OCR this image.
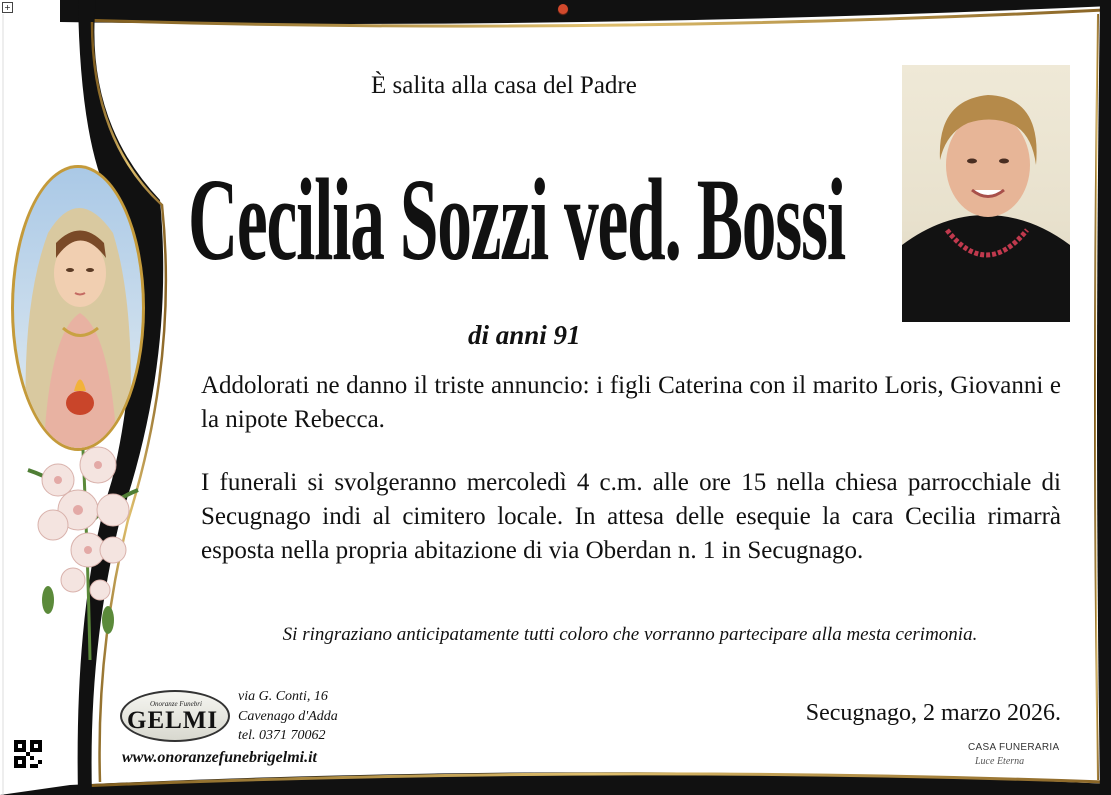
+
È salita alla casa del Padre
Cecilia Sozzi ved. Bossi
di anni 91
Addolorati ne danno il triste annuncio: i figli Caterina con il marito Loris, Giovanni e la nipote Rebecca.
I funerali si svolgeranno mercoledì 4 c.m. alle ore 15 nella chiesa parrocchiale di Secugnago indi al cimitero locale. In attesa delle esequie la cara Cecilia rimarrà esposta nella propria abitazione di via Oberdan n. 1 in Secugnago.
Si ringraziano anticipatamente tutti coloro che vorranno partecipare alla mesta cerimonia.
Secugnago, 2 marzo 2026.
Onoranze Funebri
GELMI
via G. Conti, 16
Cavenago d'Adda
tel. 0371 70062
www.onoranzefunebrigelmi.it
CASA FUNERARIA
Luce Eterna
